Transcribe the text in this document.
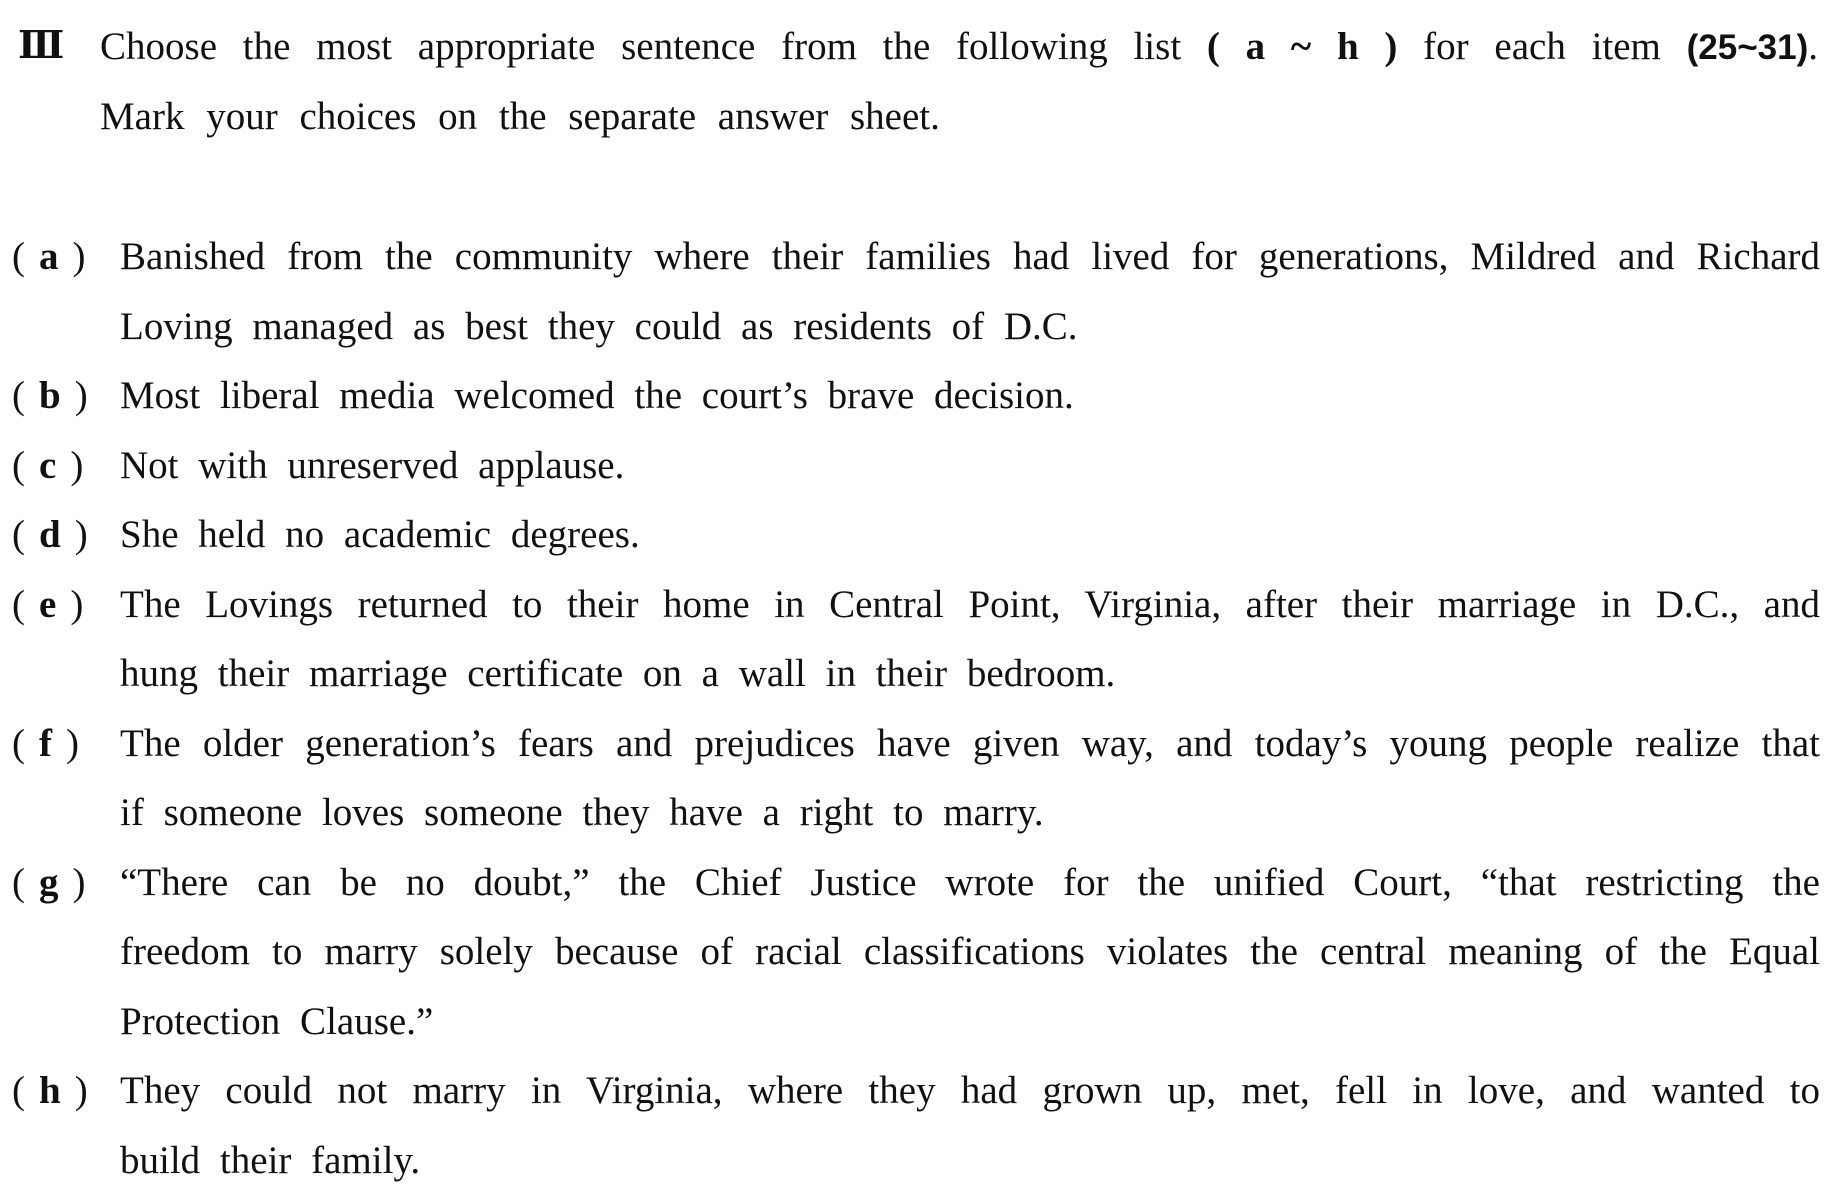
Ⅲ Choose the most appropriate sentence from the following list ( a ~ h ) for each item (25~31). Mark your choices on the separate answer sheet.
( a ) Banished from the community where their families had lived for generations, Mildred and Richard Loving managed as best they could as residents of D.C.
( b ) Most liberal media welcomed the court’s brave decision.
( c ) Not with unreserved applause.
( d ) She held no academic degrees.
( e ) The Lovings returned to their home in Central Point, Virginia, after their marriage in D.C., and hung their marriage certificate on a wall in their bedroom.
( f )	The older generation’s fears and prejudices have given way, and today’s young people realize that if someone loves someone they have a right to marry.
( g ) “There can be no doubt,” the Chief Justice wrote for the unified Court, “that restricting the freedom to marry solely because of racial classifications violates the central meaning of the Equal Protection Clause.”
( h ) They could not marry in Virginia, where they had grown up, met, fell in love, and wanted to build their family.
